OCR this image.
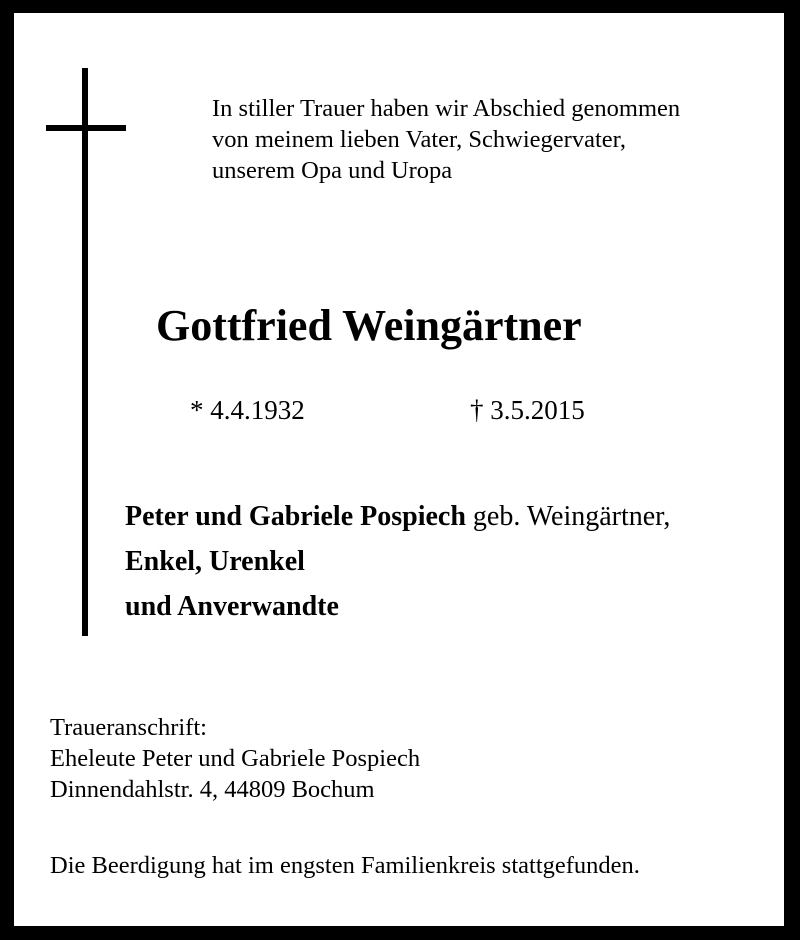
In stiller Trauer haben wir Abschied genommen
von meinem lieben Vater, Schwiegervater,
unserem Opa und Uropa
Gottfried Weingärtner
* 4.4.1932	† 3.5.2015
Peter und Gabriele Pospiech geb. Weingärtner,
Enkel, Urenkel
und Anverwandte
Traueranschrift:
Eheleute Peter und Gabriele Pospiech
Dinnendahlstr. 4, 44809 Bochum
Die Beerdigung hat im engsten Familienkreis stattgefunden.
